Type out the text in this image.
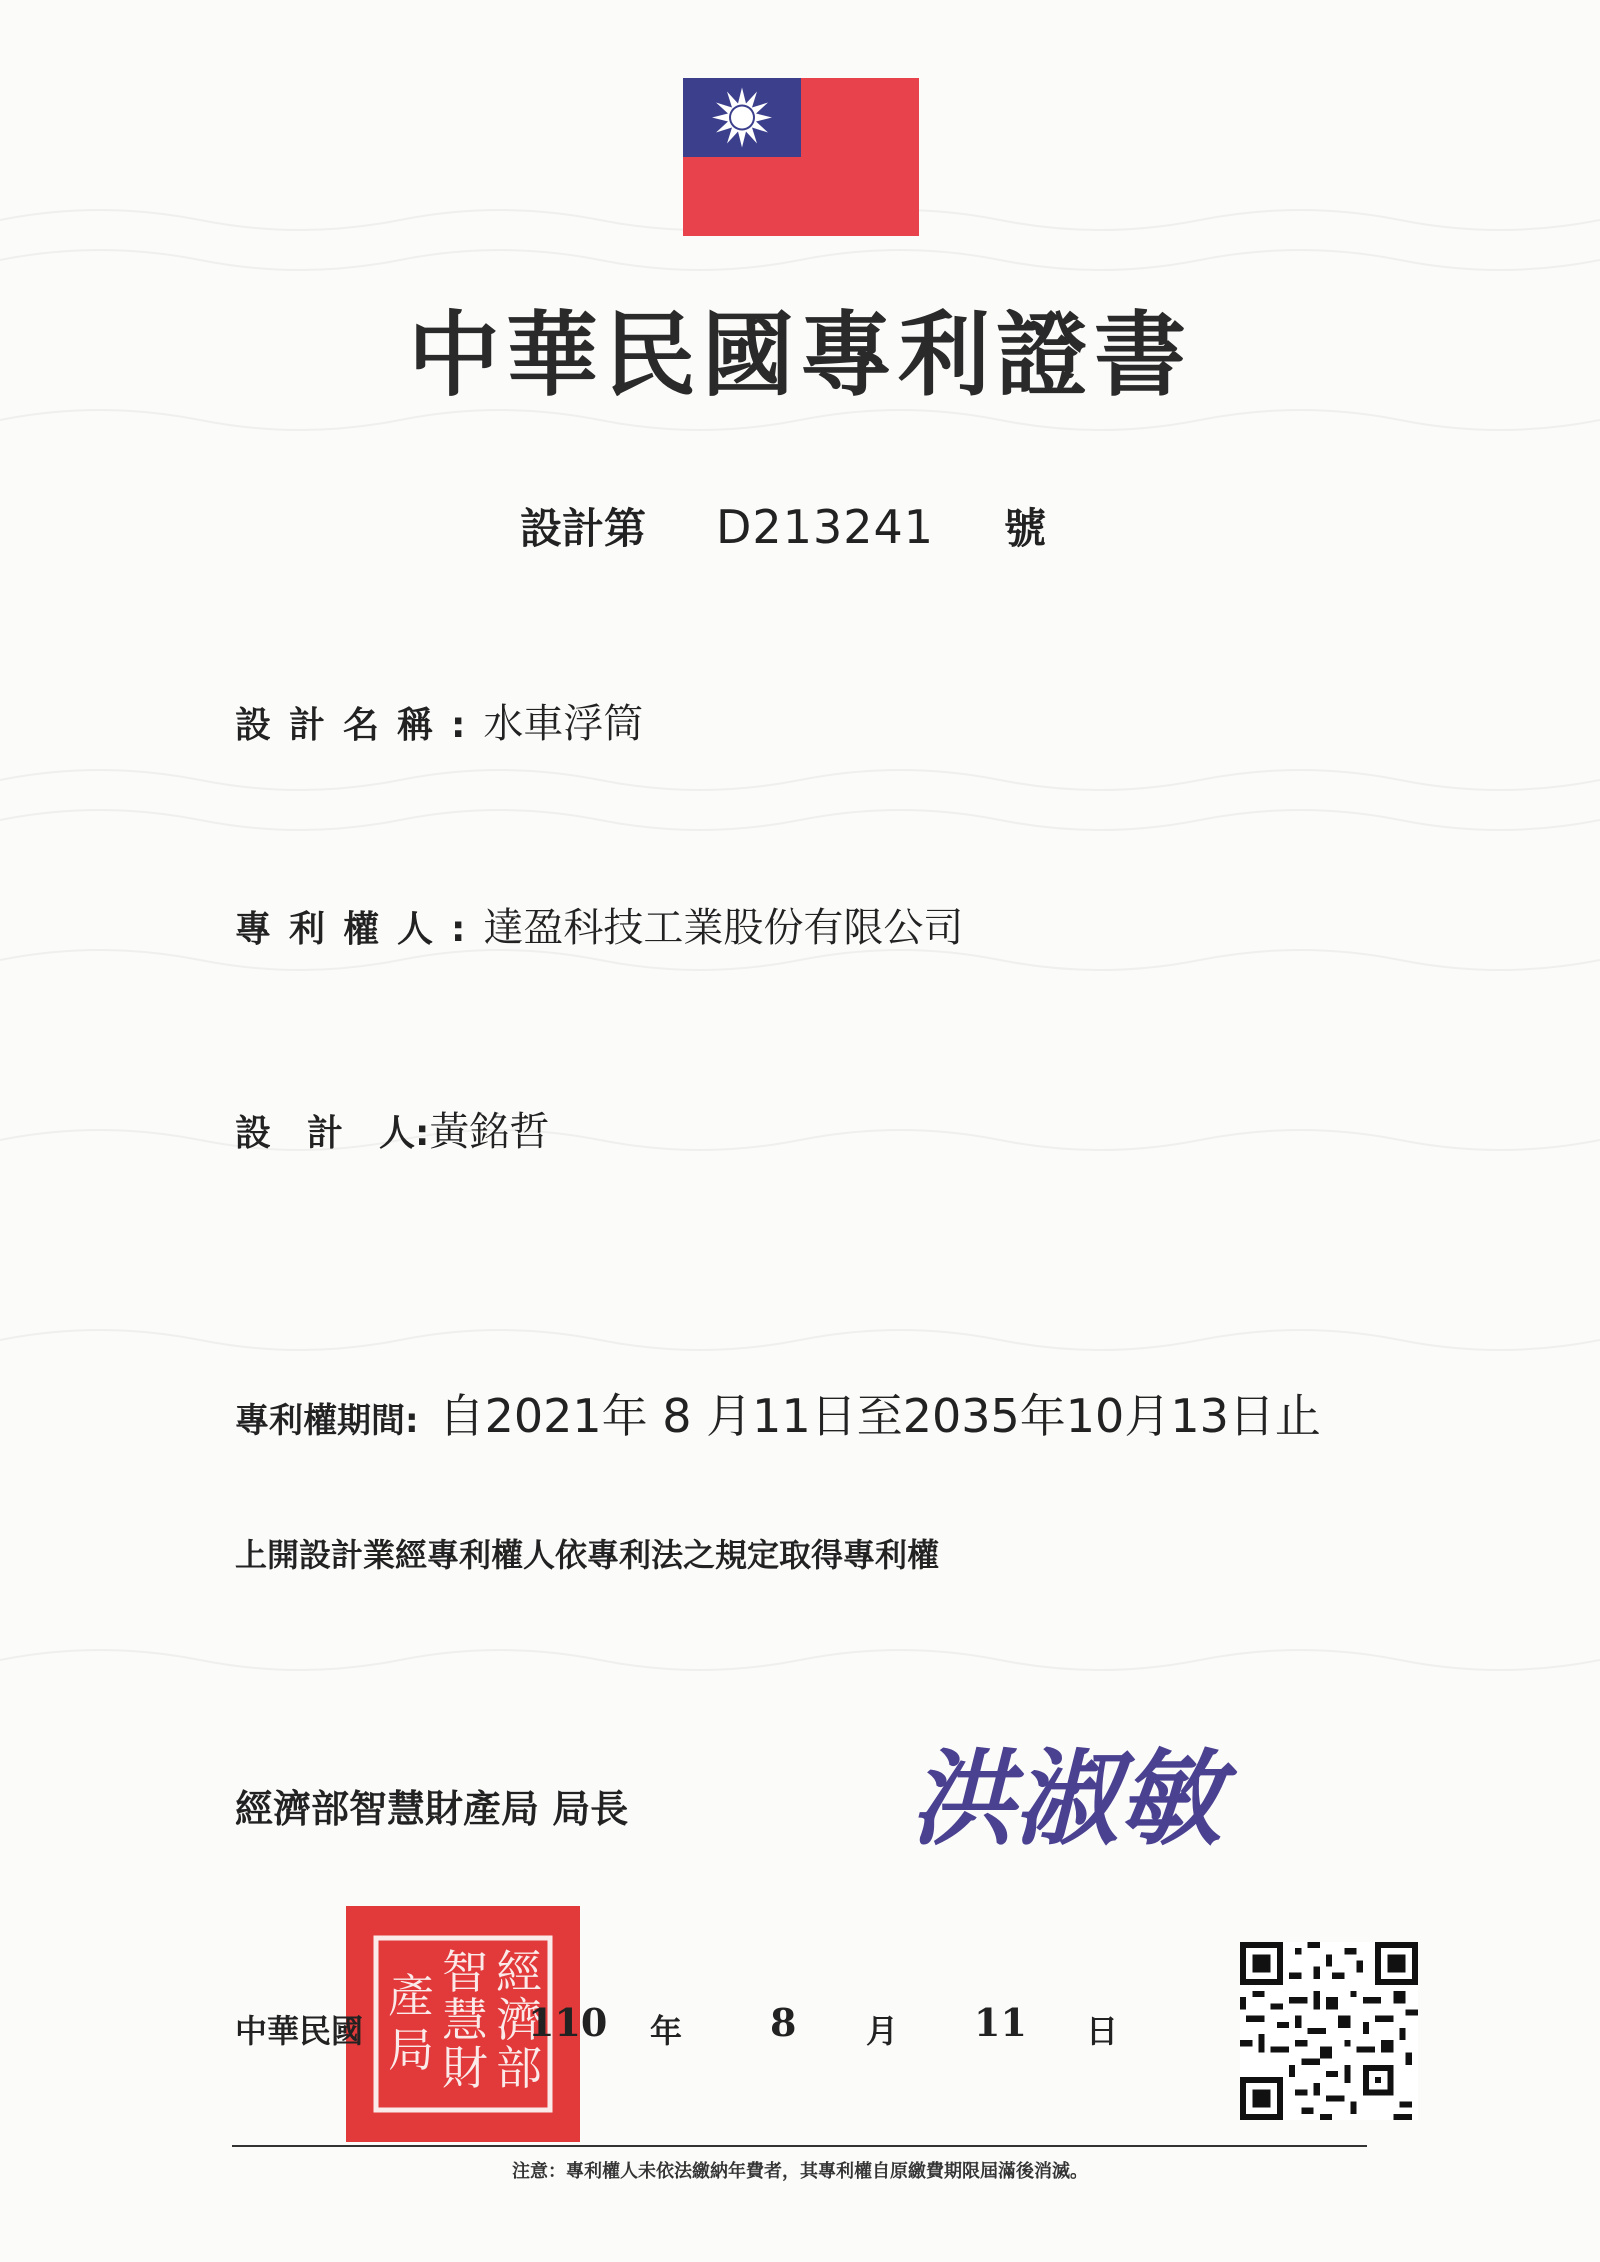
中華民國專利證書
設計第 D213241 號
設計名稱:水車浮筒
專利權人:達盈科技工業股份有限公司
設　計　人:黃銘哲
專利權期間: 自2021年 8 月11日至2035年10月13日止
上開設計業經專利權人依專利法之規定取得專利權
經濟部智慧財產局 局長	洪淑敏
經
濟
部
智
慧
財
產
局
中華民國	110 年 8 月 11 日
注意：專利權人未依法繳納年費者，其專利權自原繳費期限屆滿後消滅。
